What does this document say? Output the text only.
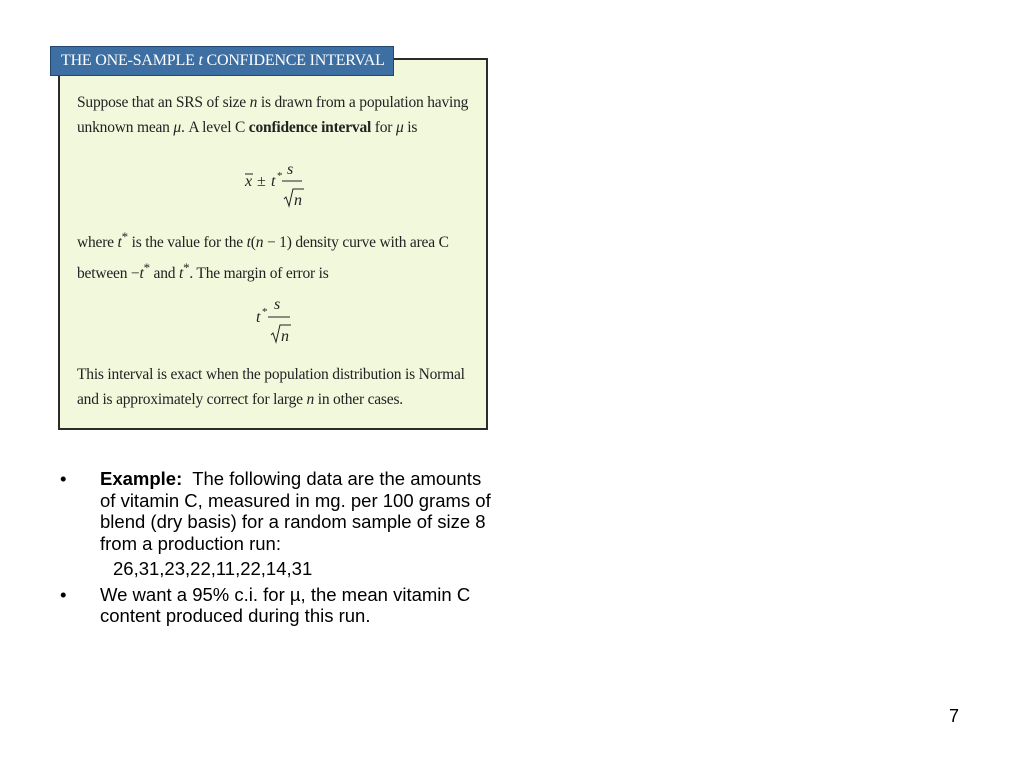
THE ONE-SAMPLE t CONFIDENCE INTERVAL
Suppose that an SRS of size n is drawn from a population having unknown mean μ. A level C confidence interval for μ is
x ± t * s
n
where t* is the value for the t(n − 1) density curve with area C between −t* and t*. The margin of error is
t * s
n
This interval is exact when the population distribution is Normal and is approximately correct for large n in other cases.
•	Example:  The following data are the amounts of vitamin C, measured in mg. per 100 grams of blend (dry basis) for a random sample of size 8 from a production run:
26,31,23,22,11,22,14,31
•	We want a 95% c.i. for µ, the mean vitamin C content produced during this run.
7
